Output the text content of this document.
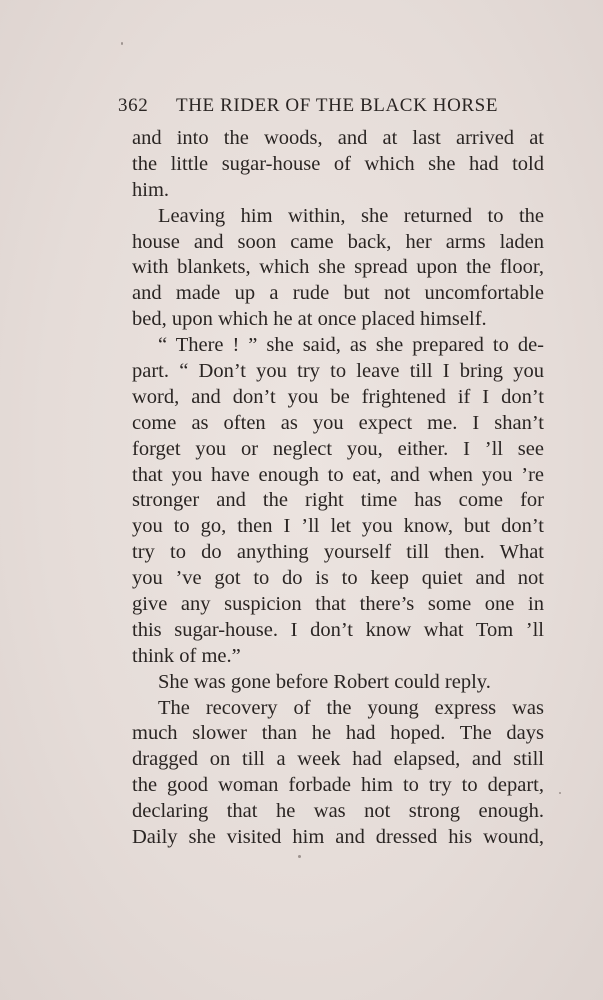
362 THE RIDER OF THE BLACK HORSE
and into the woods, and at last arrived at
the little sugar-house of which she had told
him.
Leaving him within, she returned to the
house and soon came back, her arms laden
with blankets, which she spread upon the floor,
and made up a rude but not uncomfortable
bed, upon which he at once placed himself.
“ There ! ” she said, as she prepared to de-
part. “ Don’t you try to leave till I bring you
word, and don’t you be frightened if I don’t
come as often as you expect me. I shan’t
forget you or neglect you, either. I ’ll see
that you have enough to eat, and when you ’re
stronger and the right time has come for
you to go, then I ’ll let you know, but don’t
try to do anything yourself till then. What
you ’ve got to do is to keep quiet and not
give any suspicion that there’s some one in
this sugar-house. I don’t know what Tom ’ll
think of me.”
She was gone before Robert could reply.
The recovery of the young express was
much slower than he had hoped. The days
dragged on till a week had elapsed, and still
the good woman forbade him to try to depart,
declaring that he was not strong enough.
Daily she visited him and dressed his wound,
